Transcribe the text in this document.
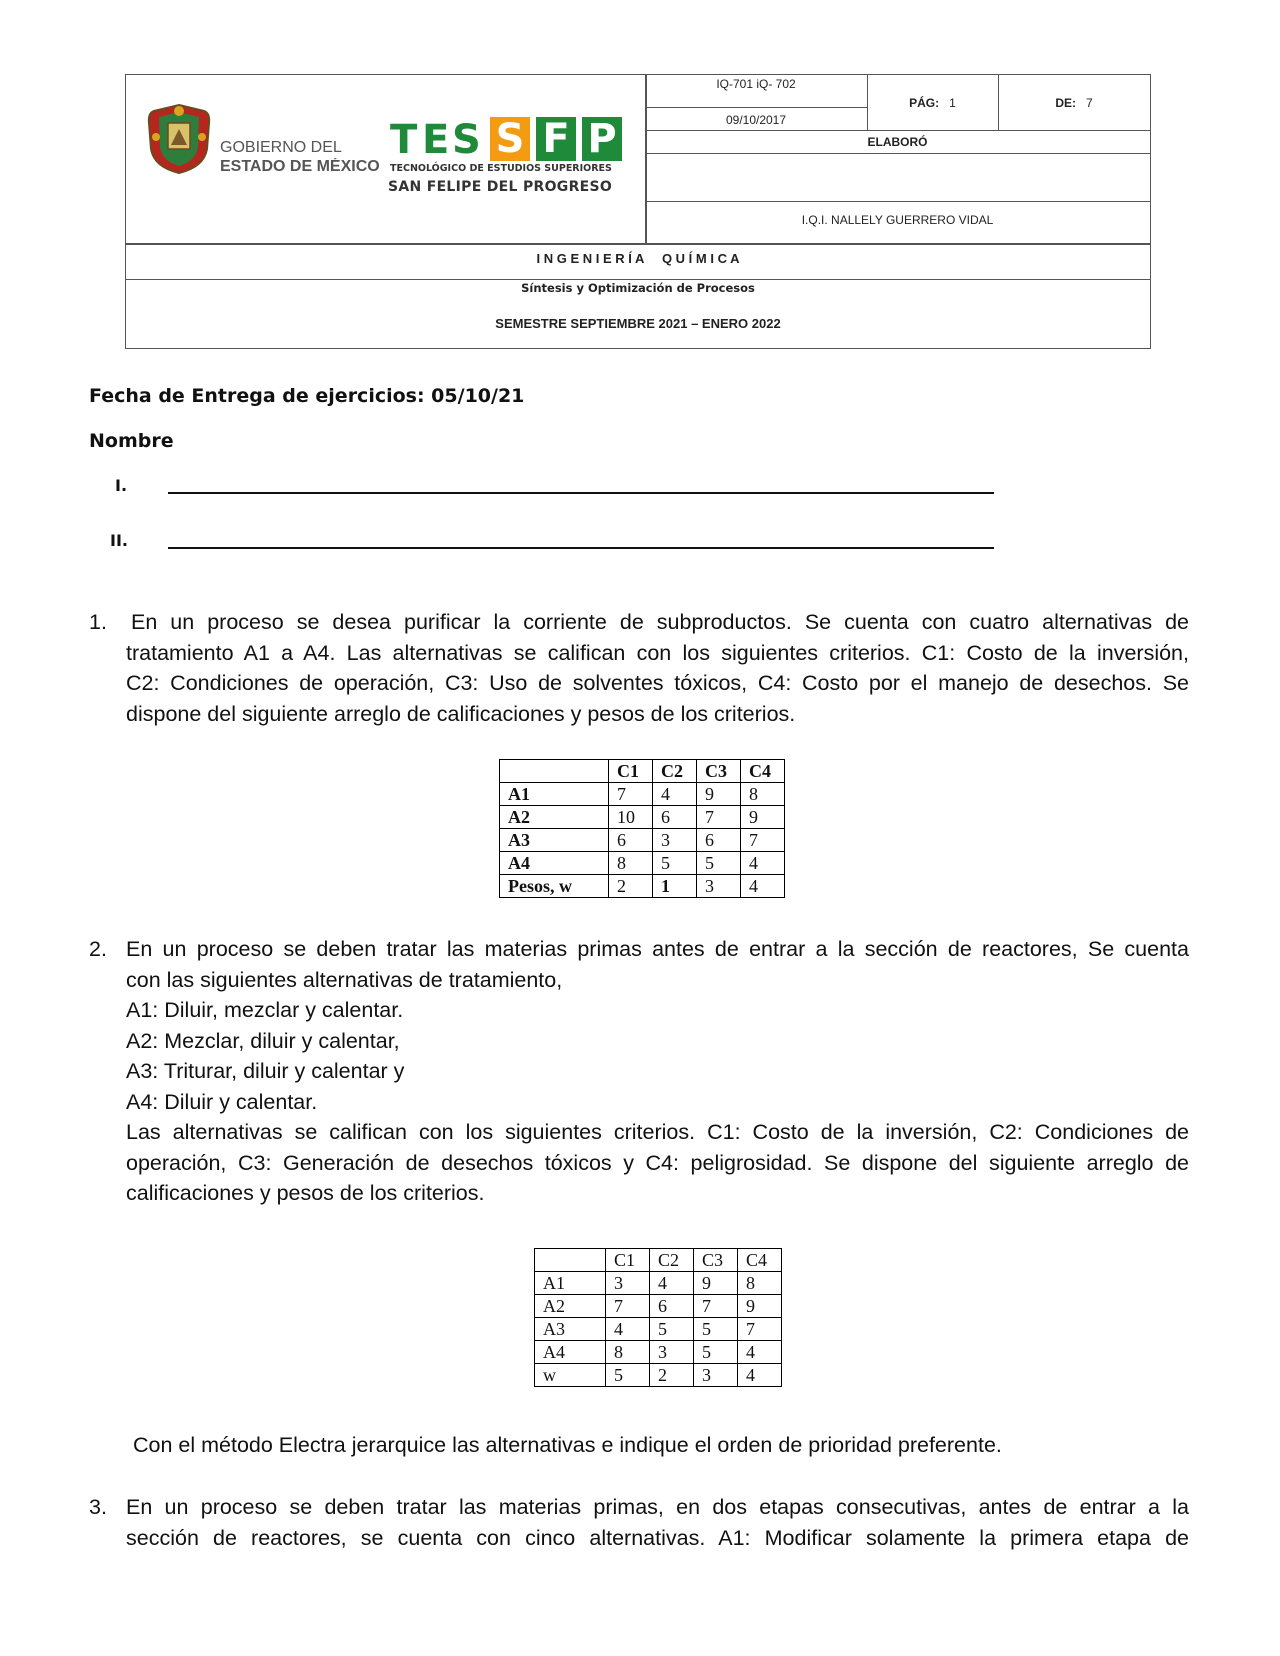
IQ-701 iQ- 702
09/10/2017
PÁG: 1	DE: 7
ELABORÓ
I.Q.I. NALLELY GUERRERO VIDAL
I N G E N I E R Í A     Q U Í M I C A
Síntesis y Optimización de Procesos
SEMESTRE SEPTIEMBRE 2021 – ENERO 2022
GOBIERNO DEL
ESTADO DE MÉXICO
T E S S F P
TECNOLÓGICO DE ESTUDIOS SUPERIORES
SAN FELIPE DEL PROGRESO
Fecha de Entrega de ejercicios: 05/10/21
Nombre
I.
II.
1.	En un proceso se desea purificar la corriente de subproductos. Se cuenta con cuatro alternativas de
tratamiento A1 a A4. Las alternativas se califican con los siguientes criterios. C1: Costo de la inversión,
C2: Condiciones de operación, C3: Uso de solventes tóxicos, C4: Costo por el manejo de desechos. Se
dispone del siguiente arreglo de calificaciones y pesos de los criterios.
	C1	C2	C3	C4
A1	7	4	9	8
A2	10	6	7	9
A3	6	3	6	7
A4	8	5	5	4
Pesos, w	2	1	3	4
2. En un proceso se deben tratar las materias primas antes de entrar a la sección de reactores, Se cuenta
con las siguientes alternativas de tratamiento,
A1: Diluir, mezclar y calentar.
A2: Mezclar, diluir y calentar,
A3: Triturar, diluir y calentar y
A4: Diluir y calentar.
Las alternativas se califican con los siguientes criterios. C1: Costo de la inversión, C2: Condiciones de
operación, C3: Generación de desechos tóxicos y C4: peligrosidad. Se dispone del siguiente arreglo de
calificaciones y pesos de los criterios.
	C1	C2	C3	C4
A1	3	4	9	8
A2	7	6	7	9
A3	4	5	5	7
A4	8	3	5	4
w	5	2	3	4
Con el método Electra jerarquice las alternativas e indique el orden de prioridad preferente.
3. En un proceso se deben tratar las materias primas, en dos etapas consecutivas, antes de entrar a la
sección de reactores, se cuenta con cinco alternativas. A1: Modificar solamente la primera etapa de
